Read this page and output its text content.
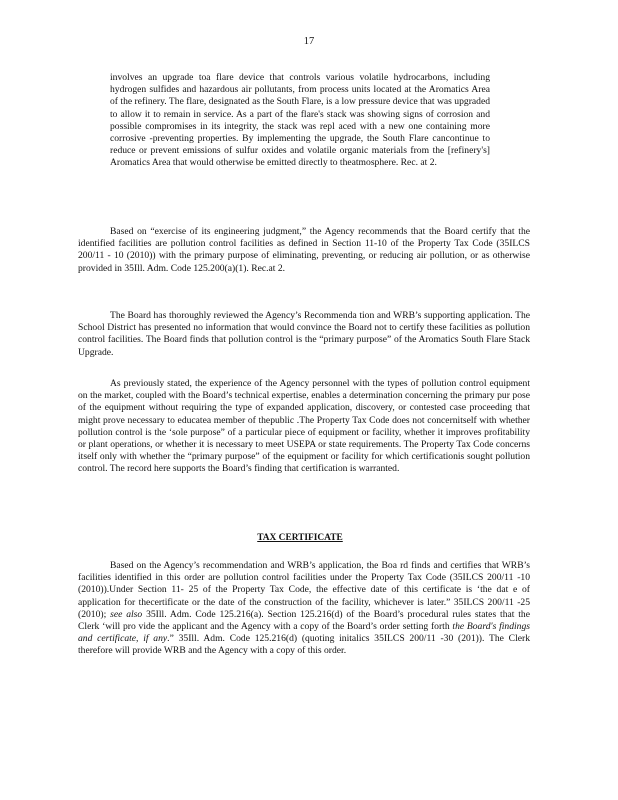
17

involves an upgrade toa flare device that controls various volatile hydrocarbons, including hydrogen sulfides and hazardous air pollutants, from process units located at the Aromatics Area of the refinery. The flare, designated as the South Flare, is a low pressure device that was upgraded to allow it to remain in service. As a part of the flare's stack was showing signs of corrosion and possible compromises in its integrity, the stack was repl aced with a new one containing more corrosive -preventing properties. By implementing the upgrade, the South Flare cancontinue to reduce or prevent emissions of sulfur oxides and volatile organic materials from the [refinery's] Aromatics Area that would otherwise be emitted directly to theatmosphere. Rec. at 2.

Based on “exercise of its engineering judgment,” the Agency recommends that the Board certify that the identified facilities are pollution control facilities as defined in Section 11-10 of the Property Tax Code (35ILCS 200/11 - 10 (2010)) with the primary purpose of eliminating, preventing, or reducing air pollution, or as otherwise provided in 35Ill. Adm. Code 125.200(a)(1). Rec.at 2.

The Board has thoroughly reviewed the Agency’s Recommenda tion and WRB’s supporting application. The School District has presented no information that would convince the Board not to certify these facilities as pollution control facilities. The Board finds that pollution control is the “primary purpose” of the Aromatics South Flare Stack Upgrade.

As previously stated, the experience of the Agency personnel with the types of pollution control equipment on the market, coupled with the Board’s technical expertise, enables a determination concerning the primary pur pose of the equipment without requiring the type of expanded application, discovery, or contested case proceeding that might prove necessary to educatea member of thepublic .The Property Tax Code does not concernitself with whether pollution control is the ‘sole purpose” of a particular piece of equipment or facility, whether it improves profitability or plant operations, or whether it is necessary to meet USEPA or state requirements. The Property Tax Code concerns itself only with whether the “primary purpose” of the equipment or facility for which certificationis sought pollution control. The record here supports the Board’s finding that certification is warranted.

TAX CERTIFICATE

Based on the Agency’s recommendation and WRB’s application, the Boa rd finds and certifies that WRB’s facilities identified in this order are pollution control facilities under the Property Tax Code (35ILCS 200/11 -10 (2010)).Under Section 11- 25 of the Property Tax Code, the effective date of this certificate is ‘the dat e of application for thecertificate or the date of the construction of the facility, whichever is later.” 35ILCS 200/11 -25 (2010); see also 35Ill. Adm. Code 125.216(a). Section 125.216(d) of the Board’s procedural rules states that the Clerk ‘will pro vide the applicant and the Agency with a copy of the Board’s order setting forth the Board's findings and certificate, if any.” 35Ill. Adm. Code 125.216(d) (quoting initalics 35ILCS 200/11 -30 (201)). The Clerk therefore will provide WRB and the Agency with a copy of this order.
